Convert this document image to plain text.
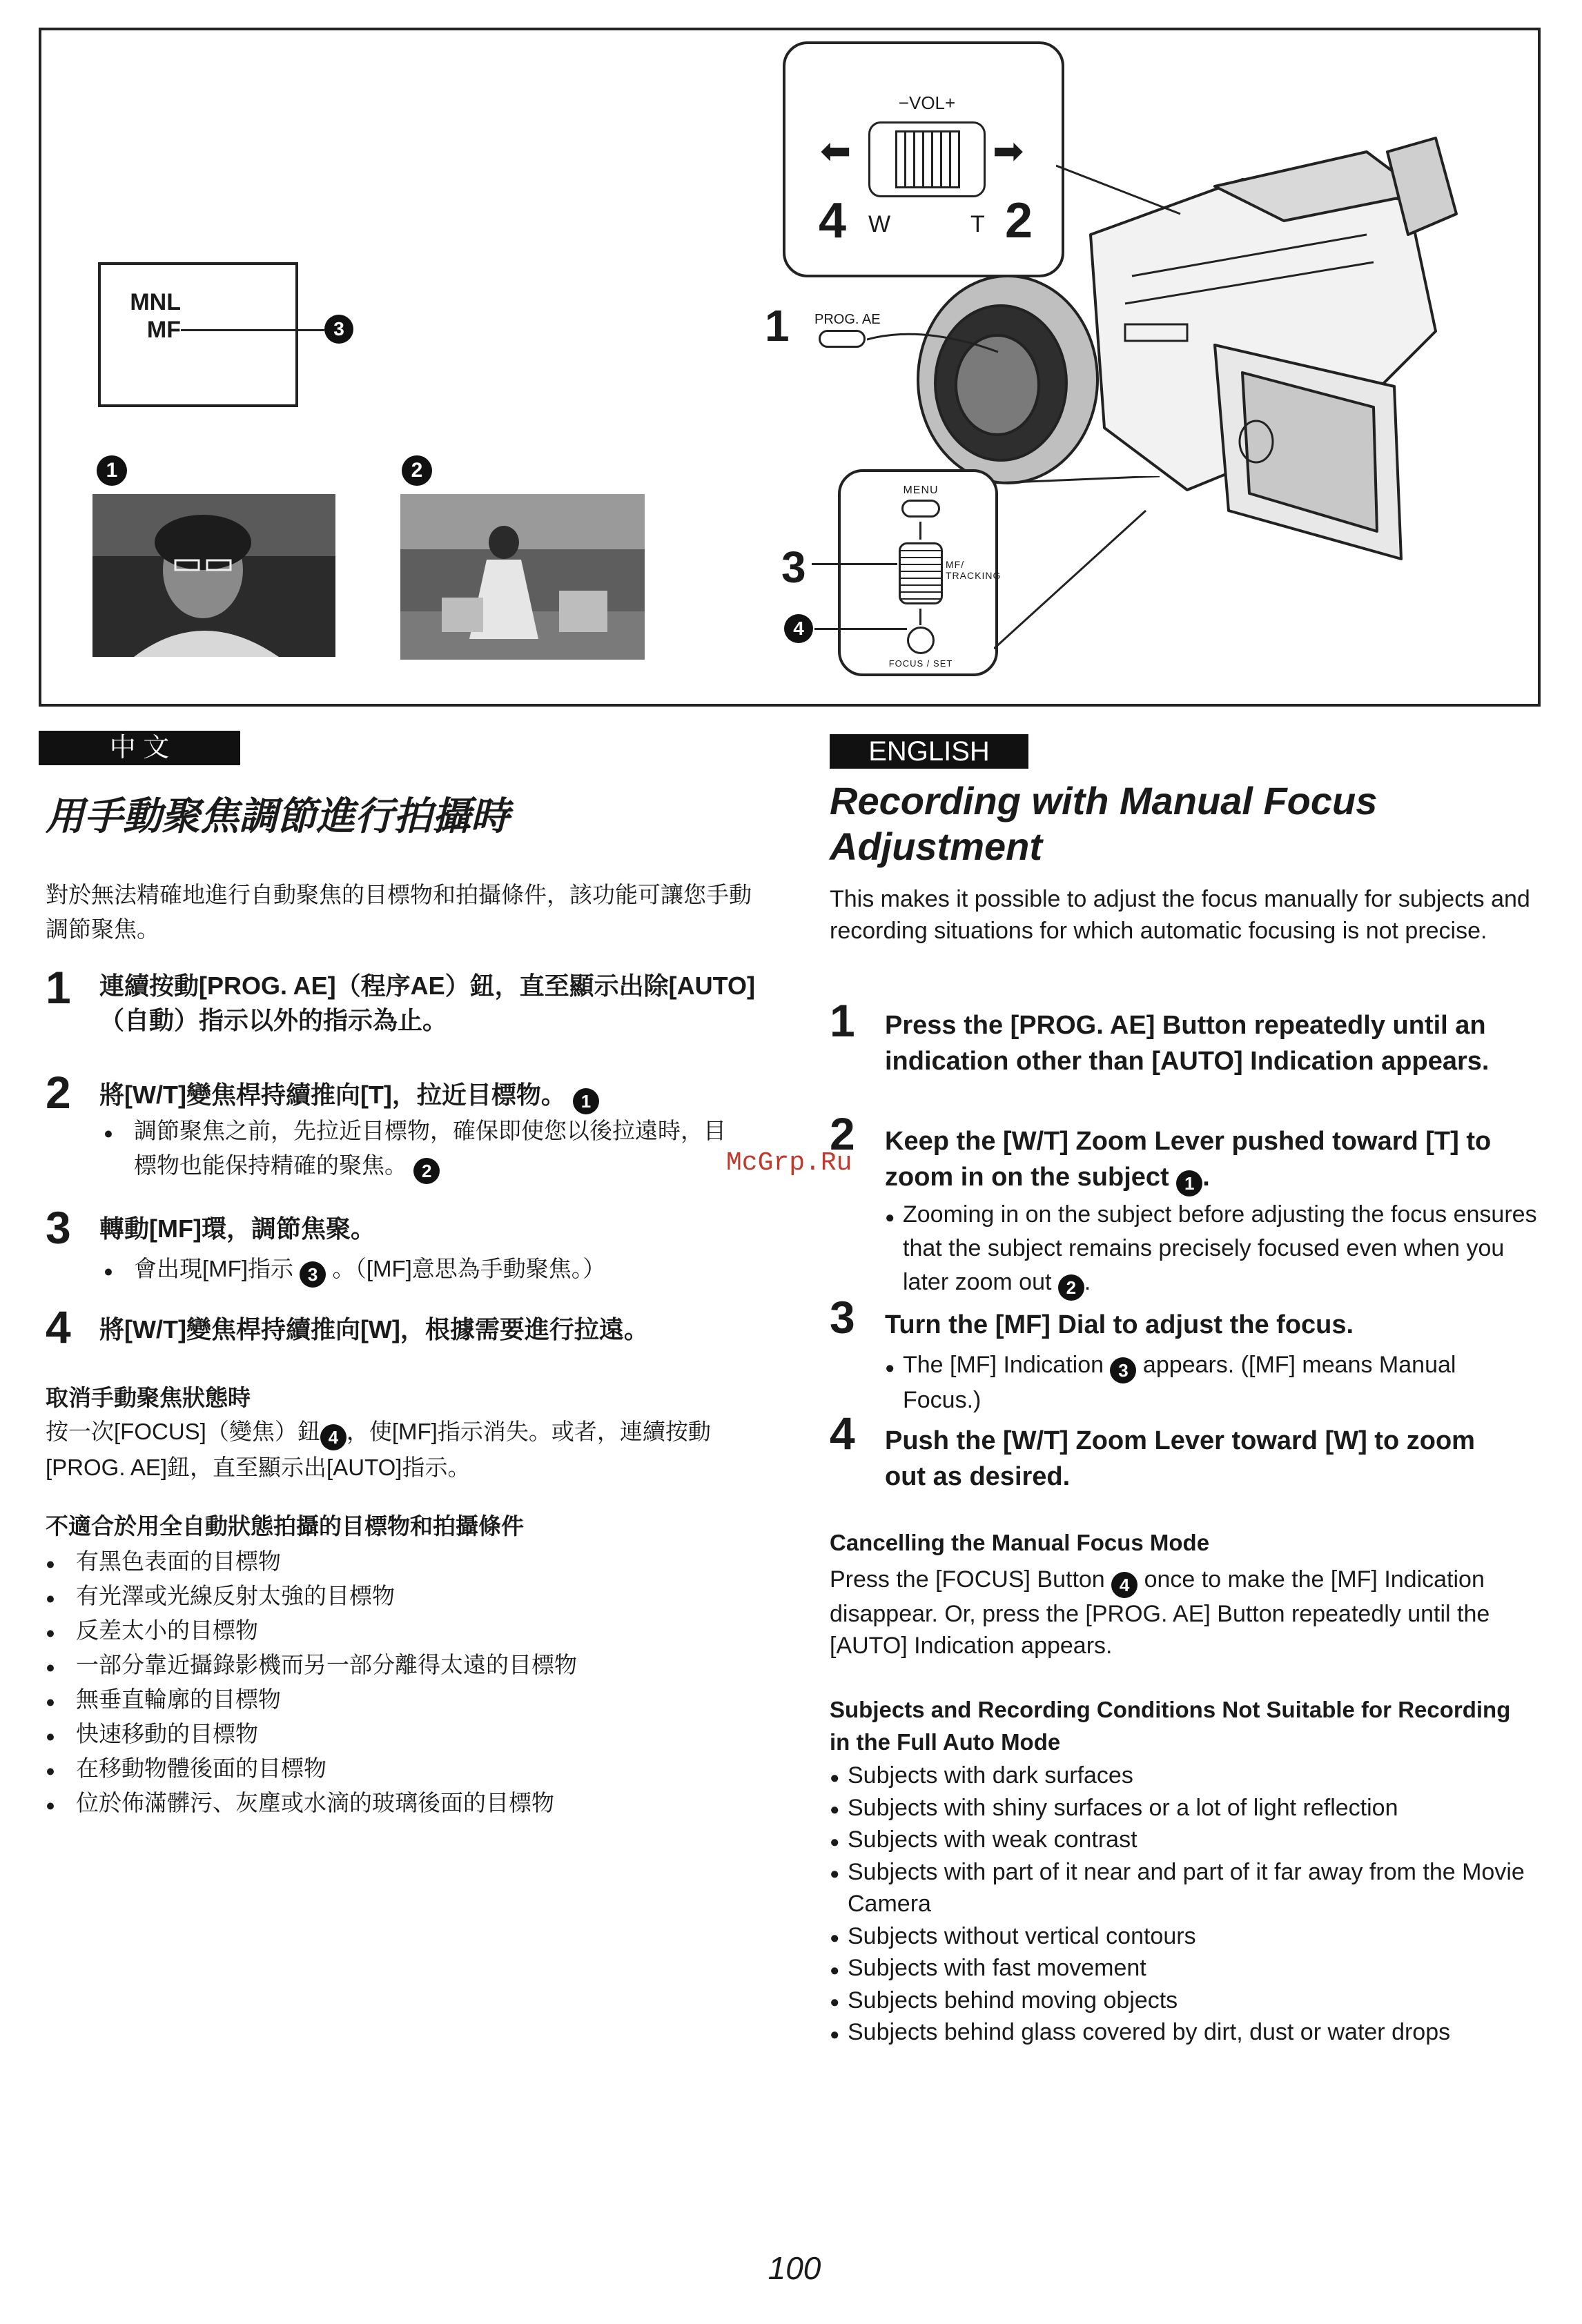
MNL
MF	3
1	2
−VOL+
⬅	➡
4 W	T 2
1 PROG. AE
MENU
MF/ TRACKING
FOCUS / SET
3
4
中 文
用手動聚焦調節進行拍攝時
對於無法精確地進行自動聚焦的目標物和拍攝條件，該功能可讓您手動調節聚焦。
1 連續按動[PROG. AE]（程序AE）鈕，直至顯示出除[AUTO]（自動）指示以外的指示為止。
2 將[W/T]變焦桿持續推向[T]，拉近目標物。 1
● 調節聚焦之前，先拉近目標物，確保即使您以後拉遠時，目標物也能保持精確的聚焦。 2
3 轉動[MF]環，調節焦聚。
● 會出現[MF]指示 3 。（[MF]意思為手動聚焦。）
4 將[W/T]變焦桿持續推向[W]，根據需要進行拉遠。
取消手動聚焦狀態時
按一次[FOCUS]（變焦）鈕 4 ，使[MF]指示消失。或者，連續按動[PROG. AE]鈕，直至顯示出[AUTO]指示。
不適合於用全自動狀態拍攝的目標物和拍攝條件
● 有黑色表面的目標物
● 有光澤或光線反射太強的目標物
● 反差太小的目標物
● 一部分靠近攝錄影機而另一部分離得太遠的目標物
● 無垂直輪廓的目標物
● 快速移動的目標物
● 在移動物體後面的目標物
● 位於佈滿髒污、灰塵或水滴的玻璃後面的目標物
ENGLISH
Recording with Manual Focus Adjustment
This makes it possible to adjust the focus manually for subjects and recording situations for which automatic focusing is not precise.
1 Press the [PROG. AE] Button repeatedly until an indication other than [AUTO] Indication appears.
2 Keep the [W/T] Zoom Lever pushed toward [T] to zoom in on the subject 1 .
● Zooming in on the subject before adjusting the focus ensures that the subject remains precisely focused even when you later zoom out 2 .
3 Turn the [MF] Dial to adjust the focus.
● The [MF] Indication 3 appears. ([MF] means Manual Focus.)
4 Push the [W/T] Zoom Lever toward [W] to zoom out as desired.
Cancelling the Manual Focus Mode
Press the [FOCUS] Button 4 once to make the [MF] Indication disappear. Or, press the [PROG. AE] Button repeatedly until the [AUTO] Indication appears.
Subjects and Recording Conditions Not Suitable for Recording in the Full Auto Mode
● Subjects with dark surfaces
● Subjects with shiny surfaces or a lot of light reflection
● Subjects with weak contrast
● Subjects with part of it near and part of it far away from the Movie Camera
● Subjects without vertical contours
● Subjects with fast movement
● Subjects behind moving objects
● Subjects behind glass covered by dirt, dust or water drops
McGrp.Ru
100
